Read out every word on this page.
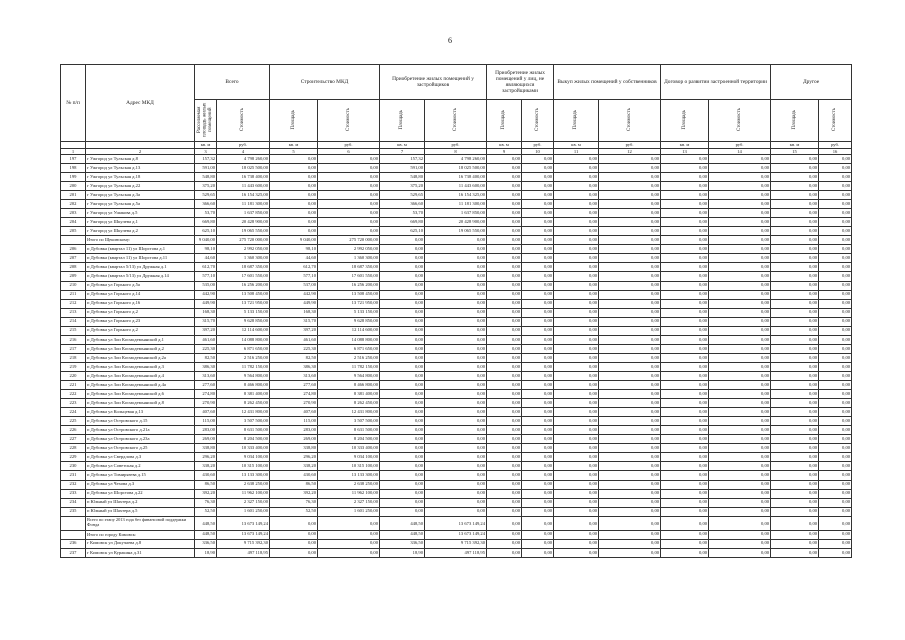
6
№ п/п	Адрес МКД	Всего		Строительство МКД		Приобретение жилых помещений у застройщиков		Приобретение жилых помещений у лиц, не являющихся застройщиками		Выкуп жилых помещений у собственников		Договор о развитии застроенной территории		Другое	
		Расселяемая площадь жилых помещений	Стоимость	Площадь	Стоимость	Площадь	Стоимость	Площадь	Стоимость	Площадь	Стоимость	Площадь	Стоимость	Площадь	Стоимость
		кв. м	руб.	кв. м	руб.	кв. м	руб.	кв. м	руб.	кв. м	руб.	кв. м	руб.	кв. м	руб.
1	2	3	4	5	6	7	8	9	10	11	12	13	14	15	16
197	г Ужгород ул Тульская д.8	157,32	4 798 260,00	0,00	0,00	157,32	4 798 260,00	0,00	0,00	0,00	0,00	0,00	0,00	0,00	0,00
198	г Ужгород ул Тульская д.13	591,00	18 025 500,00	0,00	0,00	591,00	18 025 500,00	0,00	0,00	0,00	0,00	0,00	0,00	0,00	0,00
199	г Ужгород ул Тульская д.18	548,80	16 738 400,00	0,00	0,00	548,80	16 738 400,00	0,00	0,00	0,00	0,00	0,00	0,00	0,00	0,00
200	г Ужгород ул Тульская д.22	375,20	11 443 600,00	0,00	0,00	375,20	11 443 600,00	0,00	0,00	0,00	0,00	0,00	0,00	0,00	0,00
201	г Ужгород ул Тульская д.3а	529,65	16 154 325,00	0,00	0,00	529,65	16 154 325,00	0,00	0,00	0,00	0,00	0,00	0,00	0,00	0,00
202	г Ужгород ул Тульская д.5а	366,60	11 181 300,00	0,00	0,00	366,60	11 181 300,00	0,00	0,00	0,00	0,00	0,00	0,00	0,00	0,00
203	г Ужгород ул Ушакова д.5	53,70	1 637 850,00	0,00	0,00	53,70	1 637 850,00	0,00	0,00	0,00	0,00	0,00	0,00	0,00	0,00
204	г Ужгород ул Шкулева д.1	669,80	20 428 900,00	0,00	0,00	669,80	20 428 900,00	0,00	0,00	0,00	0,00	0,00	0,00	0,00	0,00
205	г Ужгород ул Шкулева д.2	625,10	19 065 550,00	0,00	0,00	625,10	19 065 550,00	0,00	0,00	0,00	0,00	0,00	0,00	0,00	0,00
	Итого по Щекинскому:	9 040,00	275 720 000,00	9 040,00	275 720 000,00	0,00	0,00	0,00	0,00	0,00	0,00	0,00	0,00	0,00	0,00
206	п Дубовка (квартал 11) ул Шорстова д.1	98,10	2 992 050,00	98,10	2 992 050,00	0,00	0,00	0,00	0,00	0,00	0,00	0,00	0,00	0,00	0,00
207	п Дубовка (квартал 11) ул Шорстова д.11	44,60	1 360 300,00	44,60	1 360 300,00	0,00	0,00	0,00	0,00	0,00	0,00	0,00	0,00	0,00	0,00
208	п Дубовка (квартал 5/13) ул Дружная д.1	612,70	18 687 350,00	612,70	18 687 350,00	0,00	0,00	0,00	0,00	0,00	0,00	0,00	0,00	0,00	0,00
209	п Дубовка (квартал 5/13) ул Дружная д.14	577,10	17 601 550,00	577,10	17 601 550,00	0,00	0,00	0,00	0,00	0,00	0,00	0,00	0,00	0,00	0,00
210	п Дубовка ул Горького д.5а	535,00	16 256 200,00	537,00	16 256 200,00	0,00	0,00	0,00	0,00	0,00	0,00	0,00	0,00	0,00	0,00
211	п Дубовка ул Горького д.14	442,90	13 508 450,00	442,90	13 508 450,00	0,00	0,00	0,00	0,00	0,00	0,00	0,00	0,00	0,00	0,00
212	п Дубовка ул Горького д.16	449,90	13 721 950,00	449,90	13 721 950,00	0,00	0,00	0,00	0,00	0,00	0,00	0,00	0,00	0,00	0,00
213	п Дубовка ул Горького д.2	168,30	5 133 150,00	168,30	5 133 150,00	0,00	0,00	0,00	0,00	0,00	0,00	0,00	0,00	0,00	0,00
214	п Дубовка ул Горького д.23	315,70	9 628 850,00	315,70	9 628 850,00	0,00	0,00	0,00	0,00	0,00	0,00	0,00	0,00	0,00	0,00
215	п Дубовка ул Горького д.2	397,20	12 114 600,00	397,20	12 114 600,00	0,00	0,00	0,00	0,00	0,00	0,00	0,00	0,00	0,00	0,00
216	п Дубовка ул Зои Космодемьянской д.1	461,60	14 088 800,00	461,60	14 088 800,00	0,00	0,00	0,00	0,00	0,00	0,00	0,00	0,00	0,00	0,00
217	п Дубовка ул Зои Космодемьянской д.2	225,30	6 871 650,00	225,30	6 871 650,00	0,00	0,00	0,00	0,00	0,00	0,00	0,00	0,00	0,00	0,00
218	п Дубовка ул Зои Космодемьянской д.2а	82,50	2 516 250,00	82,50	2 516 250,00	0,00	0,00	0,00	0,00	0,00	0,00	0,00	0,00	0,00	0,00
219	п Дубовка ул Зои Космодемьянской д.3	386,30	11 782 150,00	386,30	11 782 150,00	0,00	0,00	0,00	0,00	0,00	0,00	0,00	0,00	0,00	0,00
220	п Дубовка ул Зои Космодемьянской д.4	313,60	9 564 800,00	313,60	9 564 800,00	0,00	0,00	0,00	0,00	0,00	0,00	0,00	0,00	0,00	0,00
221	п Дубовка ул Зои Космодемьянской д.4а	277,60	8 466 800,00	277,60	8 466 800,00	0,00	0,00	0,00	0,00	0,00	0,00	0,00	0,00	0,00	0,00
222	п Дубовка ул Зои Космодемьянской д.6	274,80	8 381 400,00	274,80	8 381 400,00	0,00	0,00	0,00	0,00	0,00	0,00	0,00	0,00	0,00	0,00
223	п Дубовка ул Зои Космодемьянской д.8	270,90	8 262 450,00	270,90	8 262 450,00	0,00	0,00	0,00	0,00	0,00	0,00	0,00	0,00	0,00	0,00
224	п Дубовка ул Кольцевая д.13	407,60	12 431 800,00	407,60	12 431 800,00	0,00	0,00	0,00	0,00	0,00	0,00	0,00	0,00	0,00	0,00
225	п Дубовка ул Островского д.15	115,00	3 507 500,00	115,00	3 507 500,00	0,00	0,00	0,00	0,00	0,00	0,00	0,00	0,00	0,00	0,00
226	п Дубовка ул Островского д.21а	283,00	8 631 500,00	283,00	8 631 500,00	0,00	0,00	0,00	0,00	0,00	0,00	0,00	0,00	0,00	0,00
227	п Дубовка ул Островского д.23а	269,00	8 204 500,00	269,00	8 204 500,00	0,00	0,00	0,00	0,00	0,00	0,00	0,00	0,00	0,00	0,00
228	п Дубовка ул Островского д.25	338,80	10 333 400,00	338,80	10 333 400,00	0,00	0,00	0,00	0,00	0,00	0,00	0,00	0,00	0,00	0,00
229	п Дубовка ул Свердлова д.3	296,20	9 034 100,00	296,20	9 034 100,00	0,00	0,00	0,00	0,00	0,00	0,00	0,00	0,00	0,00	0,00
230	п Дубовка ул Советская д.2	338,20	10 315 100,00	338,20	10 315 100,00	0,00	0,00	0,00	0,00	0,00	0,00	0,00	0,00	0,00	0,00
231	п Дубовка ул Тимирязева д.15	430,60	13 133 300,00	430,60	13 133 300,00	0,00	0,00	0,00	0,00	0,00	0,00	0,00	0,00	0,00	0,00
232	п Дубовка ул Чехова д.3	86,50	2 638 250,00	86,50	2 638 250,00	0,00	0,00	0,00	0,00	0,00	0,00	0,00	0,00	0,00	0,00
233	п Дубовка ул Шорстова д.22	392,20	11 962 100,00	392,20	11 962 100,00	0,00	0,00	0,00	0,00	0,00	0,00	0,00	0,00	0,00	0,00
234	п Южный ул Шахтера д.2	76,30	2 327 150,00	76,30	2 327 150,00	0,00	0,00	0,00	0,00	0,00	0,00	0,00	0,00	0,00	0,00
235	п Южный ул Шахтера д.5	52,50	1 601 250,00	52,50	1 601 250,00	0,00	0,00	0,00	0,00	0,00	0,00	0,00	0,00	0,00	0,00
	Всего по этапу 2013 года без финансовой поддержки Фонда	448,50	13 673 149,24	0,00	0,00	448,50	13 673 149,24	0,00	0,00	0,00	0,00	0,00	0,00	0,00	0,00
	Итого по городу Кимовск:	448,50	13 673 149,24	0,00	0,00	448,50	13 673 149,24	0,00	0,00	0,00	0,00	0,00	0,00	0,00	0,00
236	г Кимовск ул Докучаева д.8	336,50	9 715 392,30	0,00	0,00	336,50	9 715 392,30	0,00	0,00	0,00	0,00	0,00	0,00	0,00	0,00
237	г Кимовск ул Куракина д.31	18,90	497 118,95	0,00	0,00	18,90	497 118,95	0,00	0,00	0,00	0,00	0,00	0,00	0,00	0,00
